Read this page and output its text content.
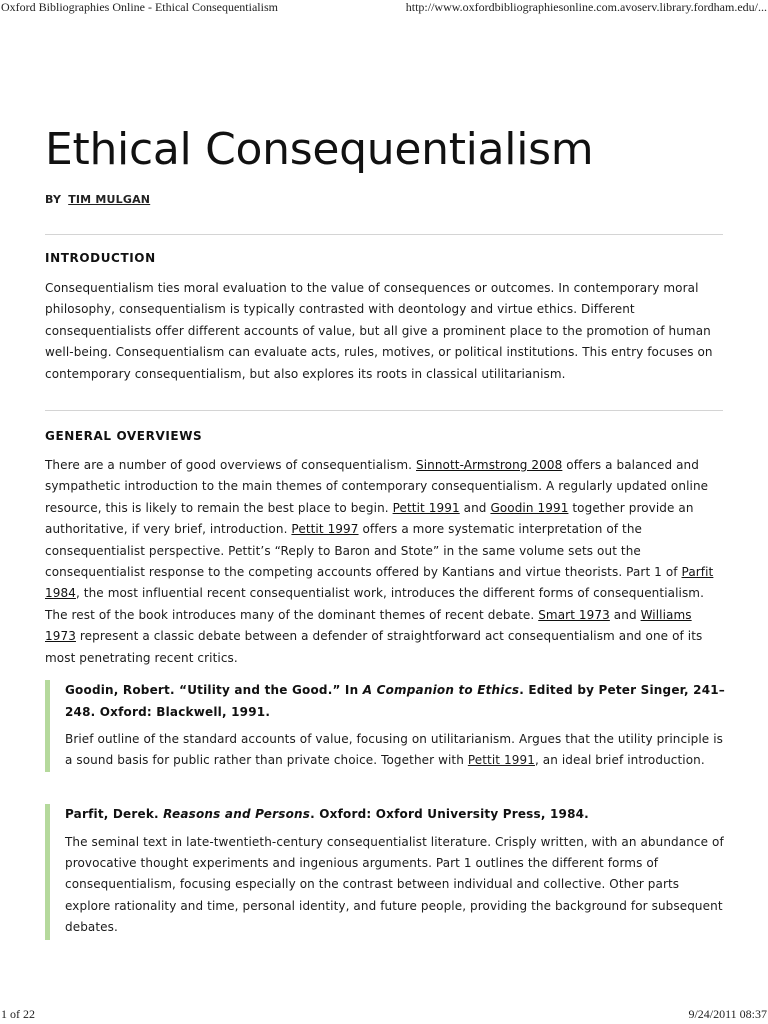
Oxford Bibliographies Online - Ethical Consequentialism	http://www.oxfordbibliographiesonline.com.avoserv.library.fordham.edu/...
Ethical Consequentialism
BY TIM MULGAN
INTRODUCTION

Consequentialism ties moral evaluation to the value of consequences or outcomes. In contemporary moral philosophy, consequentialism is typically contrasted with deontology and virtue ethics. Different consequentialists offer different accounts of value, but all give a prominent place to the promotion of human well-being. Consequentialism can evaluate acts, rules, motives, or political institutions. This entry focuses on contemporary consequentialism, but also explores its roots in classical utilitarianism.

GENERAL OVERVIEWS

There are a number of good overviews of consequentialism. Sinnott-Armstrong 2008 offers a balanced and sympathetic introduction to the main themes of contemporary consequentialism. A regularly updated online resource, this is likely to remain the best place to begin. Pettit 1991 and Goodin 1991 together provide an authoritative, if very brief, introduction. Pettit 1997 offers a more systematic interpretation of the consequentialist perspective. Pettit’s “Reply to Baron and Stote” in the same volume sets out the consequentialist response to the competing accounts offered by Kantians and virtue theorists. Part 1 of Parfit 1984, the most influential recent consequentialist work, introduces the different forms of consequentialism. The rest of the book introduces many of the dominant themes of recent debate. Smart 1973 and Williams 1973 represent a classic debate between a defender of straightforward act consequentialism and one of its most penetrating recent critics.

Goodin, Robert. “Utility and the Good.” In A Companion to Ethics. Edited by Peter Singer, 241–248. Oxford: Blackwell, 1991.
Brief outline of the standard accounts of value, focusing on utilitarianism. Argues that the utility principle is a sound basis for public rather than private choice. Together with Pettit 1991, an ideal brief introduction.
Parfit, Derek. Reasons and Persons. Oxford: Oxford University Press, 1984.
The seminal text in late-twentieth-century consequentialist literature. Crisply written, with an abundance of provocative thought experiments and ingenious arguments. Part 1 outlines the different forms of consequentialism, focusing especially on the contrast between individual and collective. Other parts explore rationality and time, personal identity, and future people, providing the background for subsequent debates.
1 of 22	9/24/2011 08:37
